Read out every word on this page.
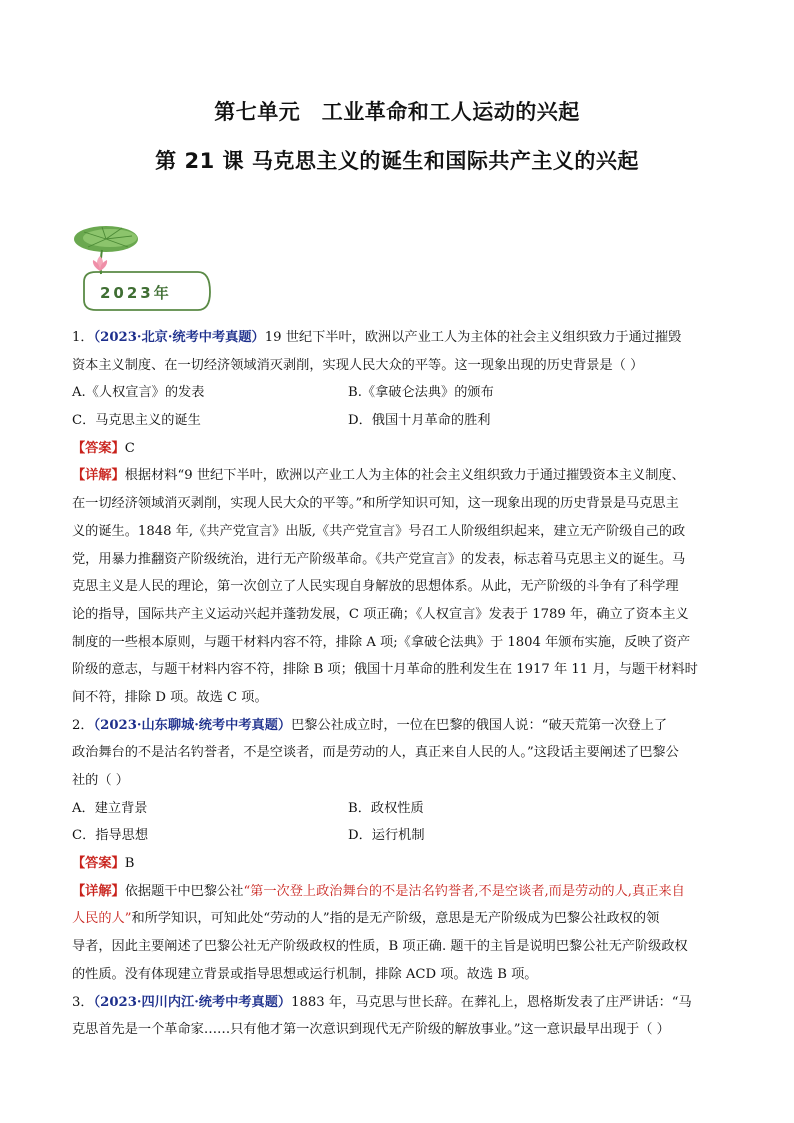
第七单元　工业革命和工人运动的兴起
第 21 课 马克思主义的诞生和国际共产主义的兴起
2023年
1．（2023·北京·统考中考真题）19 世纪下半叶，欧洲以产业工人为主体的社会主义组织致力于通过摧毁
资本主义制度、在一切经济领域消灭剥削，实现人民大众的平等。这一现象出现的历史背景是（ ）
A.《人权宣言》的发表	B.《拿破仑法典》的颁布
C．马克思主义的诞生	D．俄国十月革命的胜利
【答案】C
【详解】根据材料“9 世纪下半叶，欧洲以产业工人为主体的社会主义组织致力于通过摧毁资本主义制度、
在一切经济领域消灭剥削，实现人民大众的平等。”和所学知识可知，这一现象出现的历史背景是马克思主
义的诞生。1848 年,《共产党宣言》出版,《共产党宣言》号召工人阶级组织起来，建立无产阶级自己的政
党，用暴力推翻资产阶级统治，进行无产阶级革命。《共产党宣言》的发表，标志着马克思主义的诞生。马
克思主义是人民的理论，第一次创立了人民实现自身解放的思想体系。从此，无产阶级的斗争有了科学理
论的指导，国际共产主义运动兴起并蓬勃发展，C 项正确；《人权宣言》发表于 1789 年，确立了资本主义
制度的一些根本原则，与题干材料内容不符，排除 A 项;《拿破仑法典》于 1804 年颁布实施，反映了资产
阶级的意志，与题干材料内容不符，排除 B 项；俄国十月革命的胜利发生在 1917 年 11 月，与题干材料时
间不符，排除 D 项。故选 C 项。
2．（2023·山东聊城·统考中考真题）巴黎公社成立时，一位在巴黎的俄国人说：“破天荒第一次登上了
政治舞台的不是沽名钓誉者，不是空谈者，而是劳动的人，真正来自人民的人。”这段话主要阐述了巴黎公
社的（ ）
A．建立背景	B．政权性质
C．指导思想	D．运行机制
【答案】B
【详解】依据题干中巴黎公社“第一次登上政治舞台的不是沽名钓誉者,不是空谈者,而是劳动的人,真正来自
人民的人”和所学知识，可知此处“劳动的人”指的是无产阶级，意思是无产阶级成为巴黎公社政权的领
导者，因此主要阐述了巴黎公社无产阶级政权的性质，B 项正确. 题干的主旨是说明巴黎公社无产阶级政权
的性质。没有体现建立背景或指导思想或运行机制，排除 ACD 项。故选 B 项。
3．（2023·四川内江·统考中考真题）1883 年，马克思与世长辞。在葬礼上，恩格斯发表了庄严讲话：“马
克思首先是一个革命家……只有他才第一次意识到现代无产阶级的解放事业。”这一意识最早出现于（ ）
